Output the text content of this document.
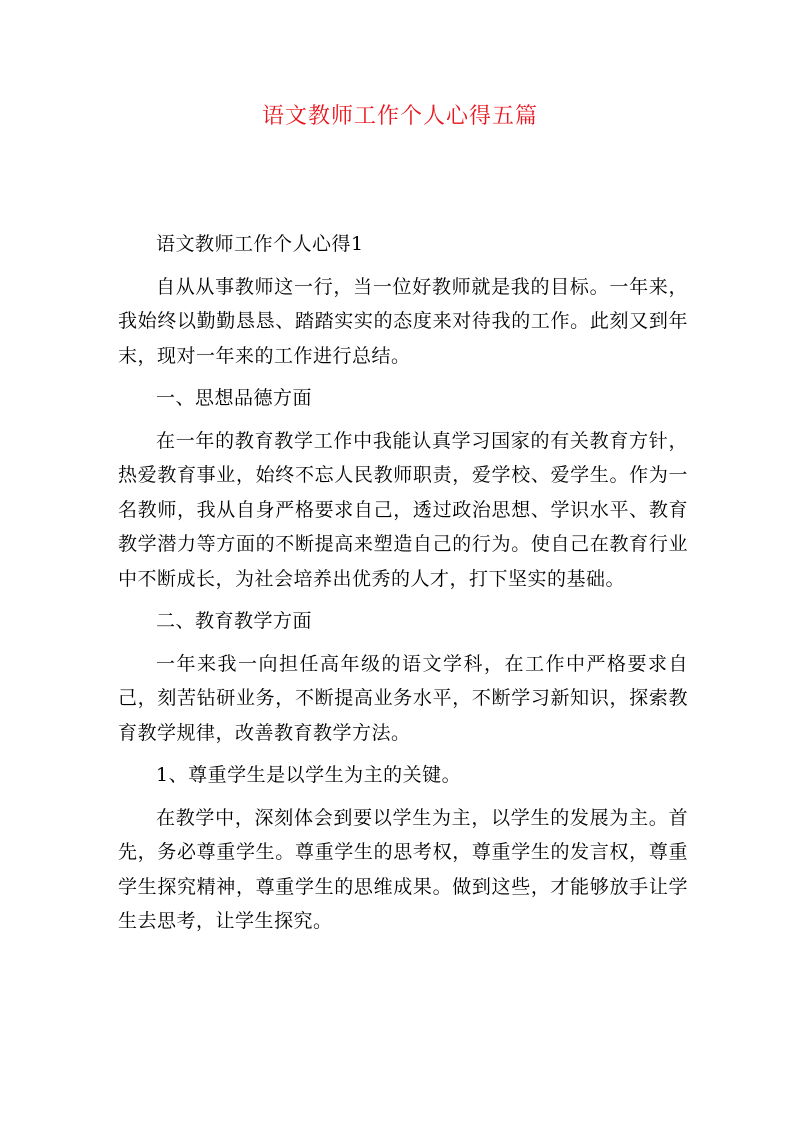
语文教师工作个人心得五篇

语文教师工作个人心得1

自从从事教师这一行，当一位好教师就是我的目标。一年来，我始终以勤勤恳恳、踏踏实实的态度来对待我的工作。此刻又到年末，现对一年来的工作进行总结。

一、思想品德方面

在一年的教育教学工作中我能认真学习国家的有关教育方针，热爱教育事业，始终不忘人民教师职责，爱学校、爱学生。作为一名教师，我从自身严格要求自己，透过政治思想、学识水平、教育教学潜力等方面的不断提高来塑造自己的行为。使自己在教育行业中不断成长，为社会培养出优秀的人才，打下坚实的基础。

二、教育教学方面

一年来我一向担任高年级的语文学科，在工作中严格要求自己，刻苦钻研业务，不断提高业务水平，不断学习新知识，探索教育教学规律，改善教育教学方法。

1、尊重学生是以学生为主的关键。

在教学中，深刻体会到要以学生为主，以学生的发展为主。首先，务必尊重学生。尊重学生的思考权，尊重学生的发言权，尊重学生探究精神，尊重学生的思维成果。做到这些，才能够放手让学生去思考，让学生探究。
